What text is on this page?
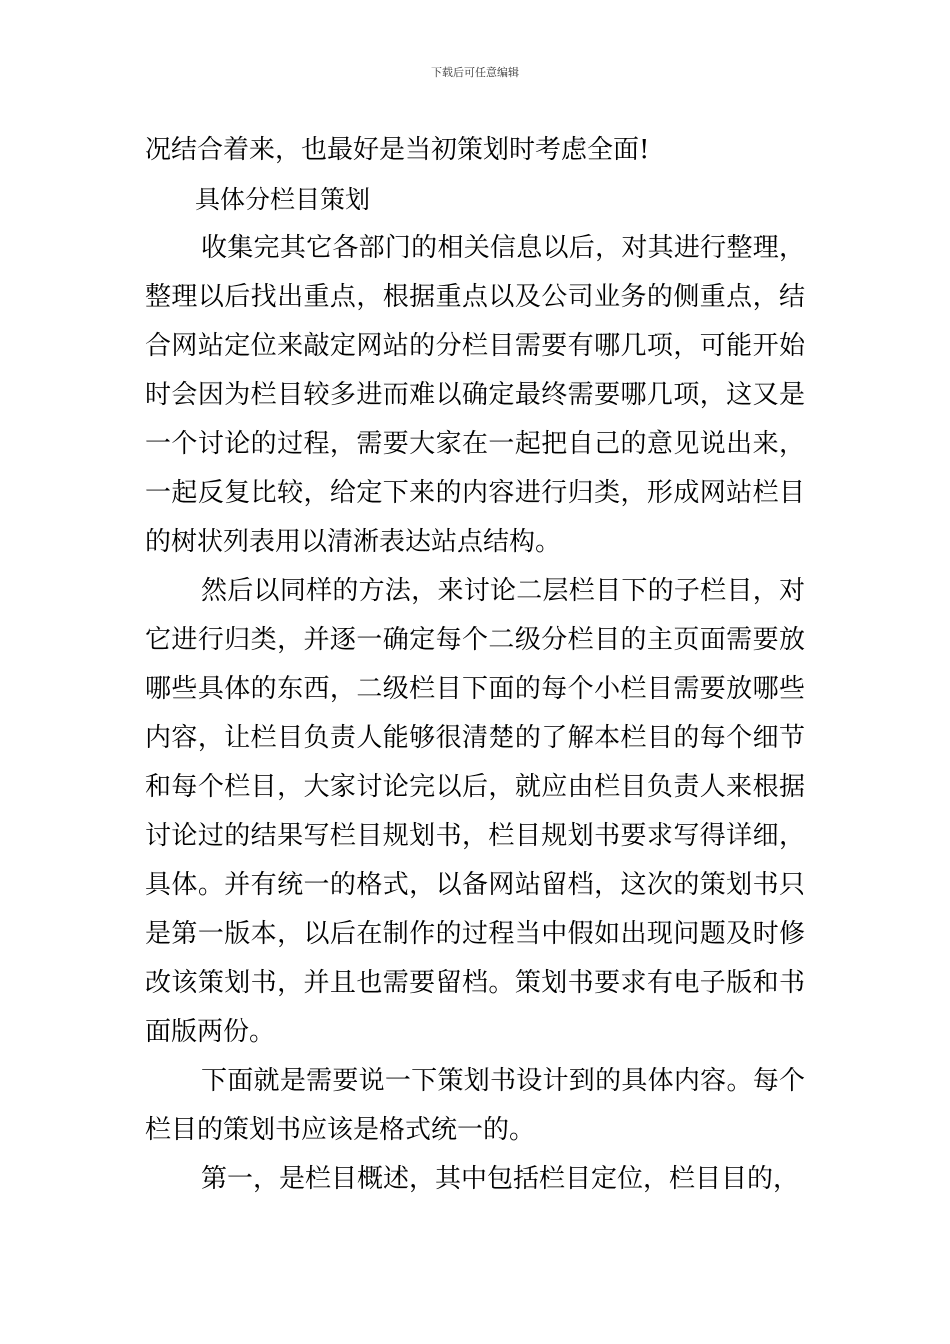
下载后可任意编辑

况结合着来，也最好是当初策划时考虑全面!

具体分栏目策划

收集完其它各部门的相关信息以后，对其进行整理，整理以后找出重点，根据重点以及公司业务的侧重点，结合网站定位来敲定网站的分栏目需要有哪几项，可能开始时会因为栏目较多进而难以确定最终需要哪几项，这又是一个讨论的过程，需要大家在一起把自己的意见说出来，一起反复比较，给定下来的内容进行归类，形成网站栏目的树状列表用以清淅表达站点结构。

然后以同样的方法，来讨论二层栏目下的子栏目，对它进行归类，并逐一确定每个二级分栏目的主页面需要放哪些具体的东西，二级栏目下面的每个小栏目需要放哪些内容，让栏目负责人能够很清楚的了解本栏目的每个细节和每个栏目，大家讨论完以后，就应由栏目负责人来根据讨论过的结果写栏目规划书，栏目规划书要求写得详细，具体。并有统一的格式，以备网站留档，这次的策划书只是第一版本，以后在制作的过程当中假如出现问题及时修改该策划书，并且也需要留档。策划书要求有电子版和书面版两份。

下面就是需要说一下策划书设计到的具体内容。每个栏目的策划书应该是格式统一的。

第一，是栏目概述，其中包括栏目定位，栏目目的，
